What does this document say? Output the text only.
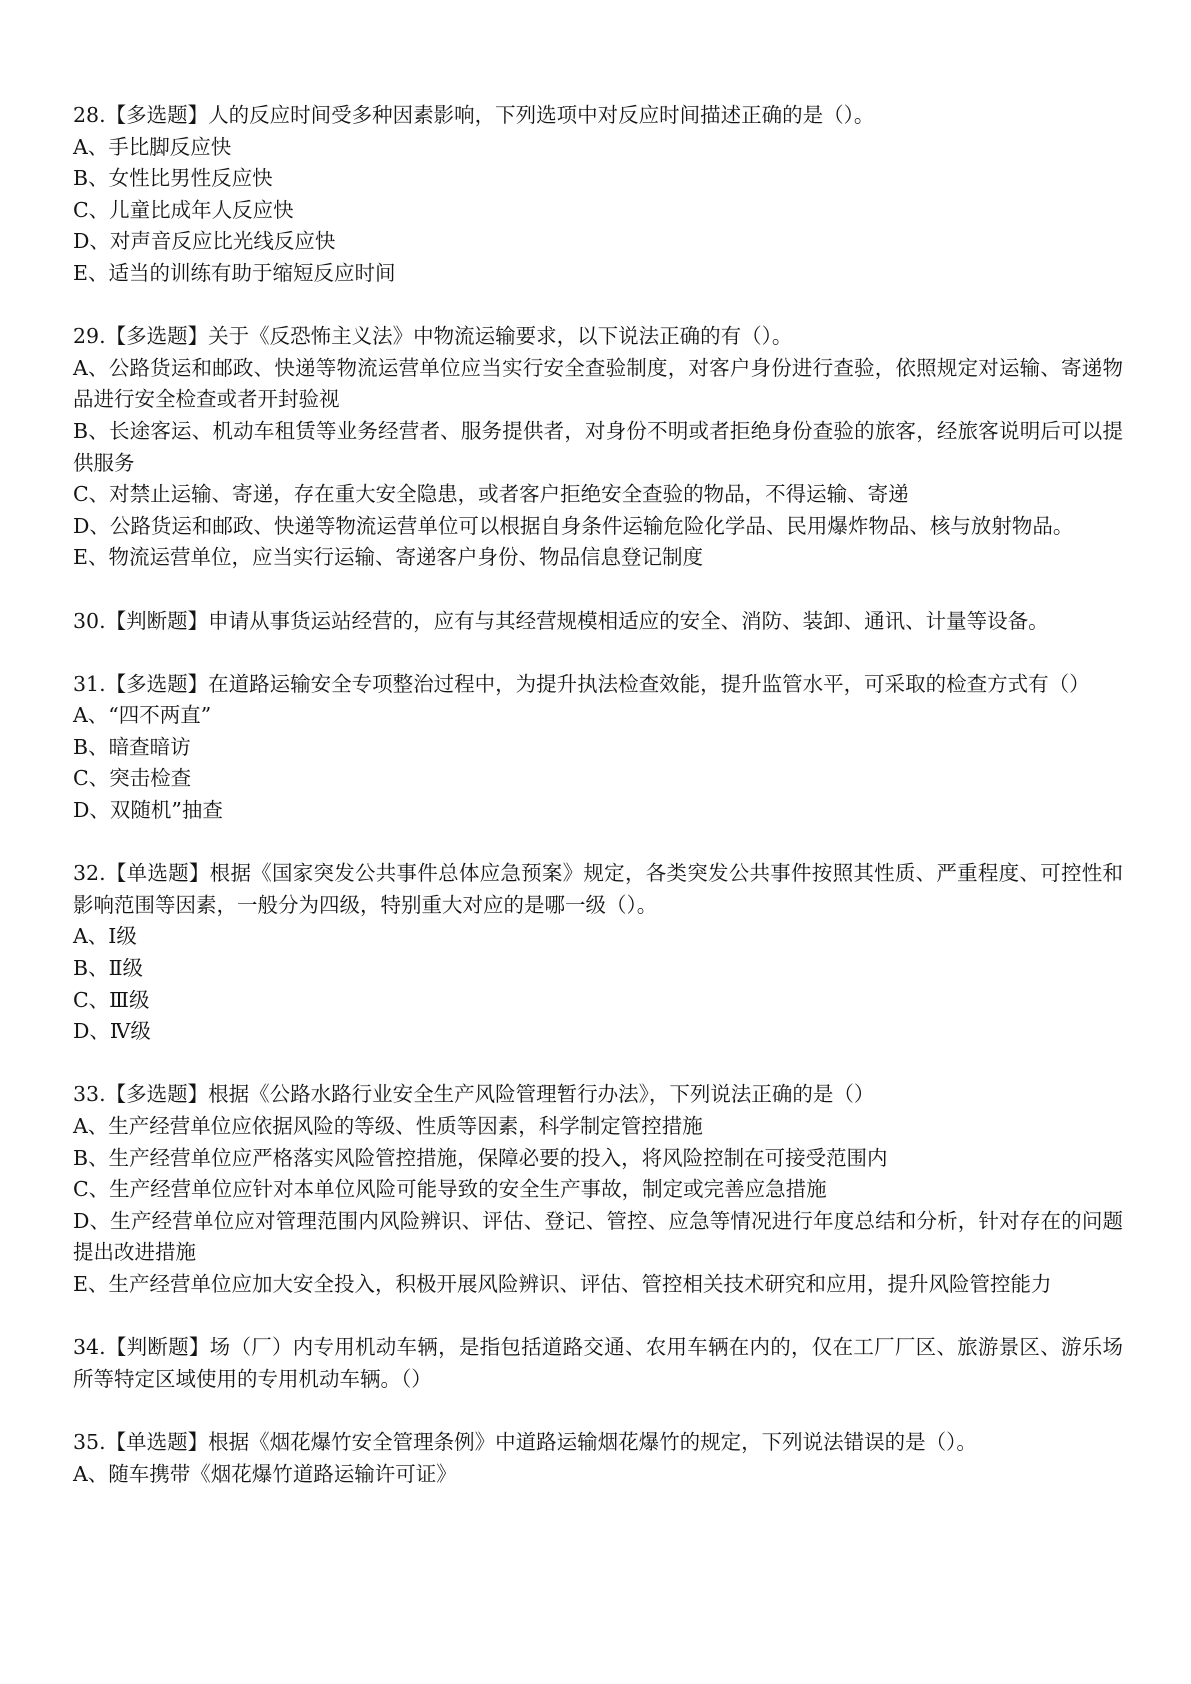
28.【多选题】人的反应时间受多种因素影响，下列选项中对反应时间描述正确的是（）。

A、手比脚反应快

B、女性比男性反应快

C、儿童比成年人反应快

D、对声音反应比光线反应快

E、适当的训练有助于缩短反应时间

29.【多选题】关于《反恐怖主义法》中物流运输要求，以下说法正确的有（）。

A、公路货运和邮政、快递等物流运营单位应当实行安全查验制度，对客户身份进行查验，依照规定对运输、寄递物品进行安全检查或者开封验视

B、长途客运、机动车租赁等业务经营者、服务提供者，对身份不明或者拒绝身份查验的旅客，经旅客说明后可以提供服务

C、对禁止运输、寄递，存在重大安全隐患，或者客户拒绝安全查验的物品，不得运输、寄递

D、公路货运和邮政、快递等物流运营单位可以根据自身条件运输危险化学品、民用爆炸物品、核与放射物品。

E、物流运营单位，应当实行运输、寄递客户身份、物品信息登记制度

30.【判断题】申请从事货运站经营的，应有与其经营规模相适应的安全、消防、装卸、通讯、计量等设备。

31.【多选题】在道路运输安全专项整治过程中，为提升执法检查效能，提升监管水平，可采取的检查方式有（）

A、“四不两直”

B、暗查暗访

C、突击检查

D、双随机”抽查

32.【单选题】根据《国家突发公共事件总体应急预案》规定，各类突发公共事件按照其性质、严重程度、可控性和影响范围等因素，一般分为四级，特别重大对应的是哪一级（）。

A、Ⅰ级

B、Ⅱ级

C、Ⅲ级

D、Ⅳ级

33.【多选题】根据《公路水路行业安全生产风险管理暂行办法》，下列说法正确的是（）

A、生产经营单位应依据风险的等级、性质等因素，科学制定管控措施

B、生产经营单位应严格落实风险管控措施，保障必要的投入，将风险控制在可接受范围内

C、生产经营单位应针对本单位风险可能导致的安全生产事故，制定或完善应急措施

D、生产经营单位应对管理范围内风险辨识、评估、登记、管控、应急等情况进行年度总结和分析，针对存在的问题提出改进措施

E、生产经营单位应加大安全投入，积极开展风险辨识、评估、管控相关技术研究和应用，提升风险管控能力

34.【判断题】场（厂）内专用机动车辆，是指包括道路交通、农用车辆在内的，仅在工厂厂区、旅游景区、游乐场所等特定区域使用的专用机动车辆。（）

35.【单选题】根据《烟花爆竹安全管理条例》中道路运输烟花爆竹的规定，下列说法错误的是（）。

A、随车携带《烟花爆竹道路运输许可证》
